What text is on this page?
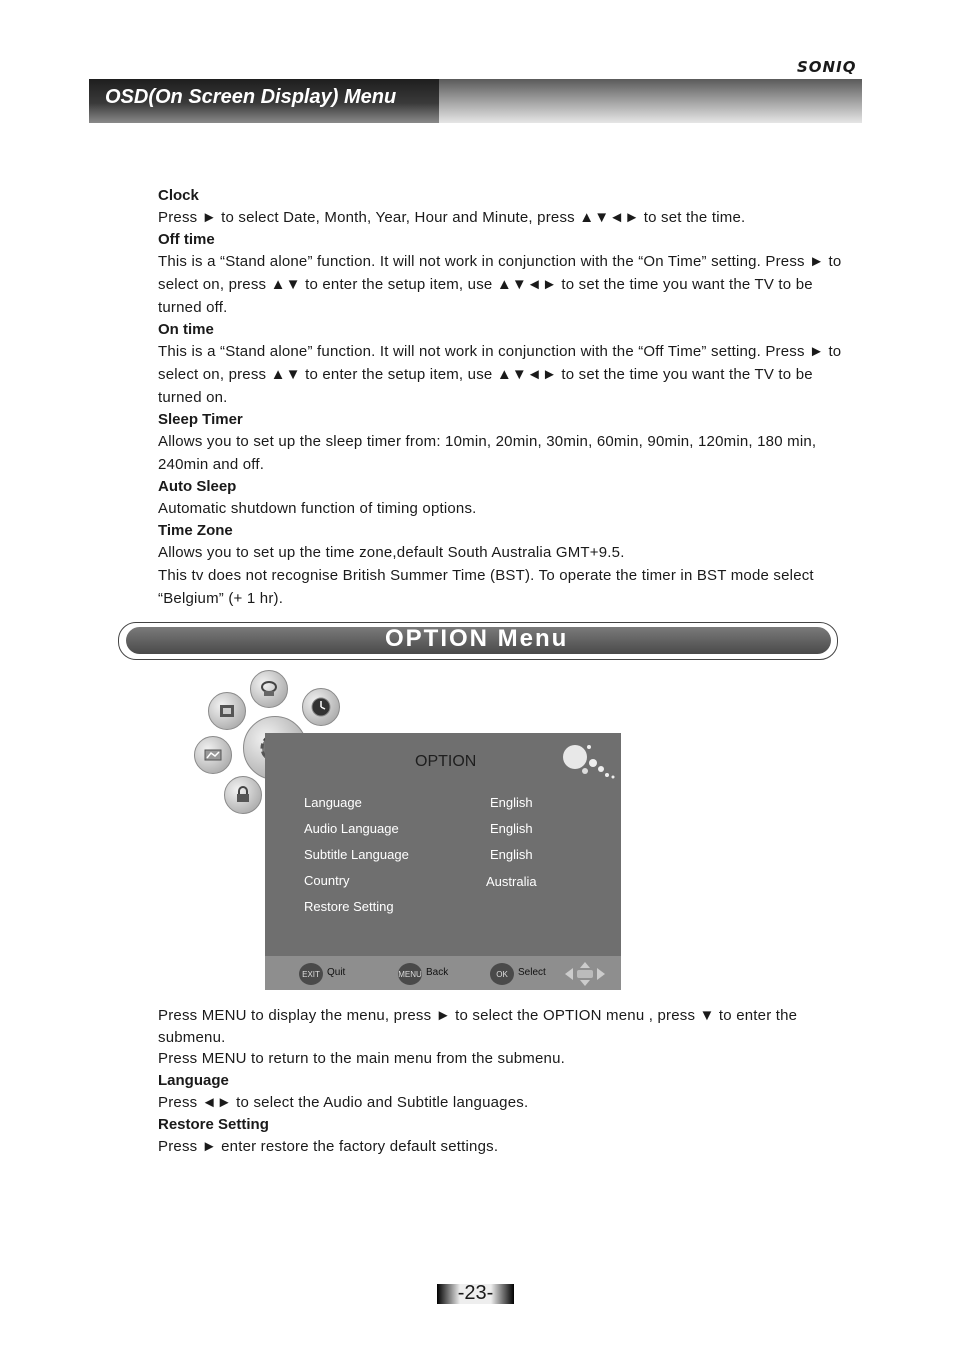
SONIQ
OSD(On Screen Display) Menu

Clock

Press ► to select Date, Month, Year, Hour and Minute, press ▲▼◄► to set the time.

Off time

This is a “Stand alone” function. It will not work in conjunction with the “On Time” setting. Press ► to select on, press ▲▼ to enter the setup item, use ▲▼◄► to set the time you want the TV to be turned off.

On time

This is a “Stand alone” function. It will not work in conjunction with the “Off Time” setting. Press ► to select on, press ▲▼ to enter the setup item, use ▲▼◄► to set the time you want the TV to be turned on.

Sleep Timer

Allows you to set up the sleep timer from: 10min, 20min, 30min, 60min, 90min, 120min, 180 min, 240min and off.

Auto Sleep

Automatic shutdown function of timing options.

Time Zone

Allows you to set up the time zone,default South Australia GMT+9.5.

This tv does not recognise British Summer Time (BST). To operate the timer in BST mode select “Belgium” (+ 1 hr).

OPTION Menu
OPTION
Language	English
Audio Language	English
Subtitle Language	English
Country	Australia
Restore Setting
EXIT Quit	MENU Back	OK	Select

Press MENU to display the menu, press ► to select the OPTION menu , press ▼ to enter the submenu.

Press MENU to return to the main menu from the submenu.

Language

Press ◄► to select the Audio and Subtitle languages.

Restore Setting

Press ► enter restore the factory default settings.

-23-
